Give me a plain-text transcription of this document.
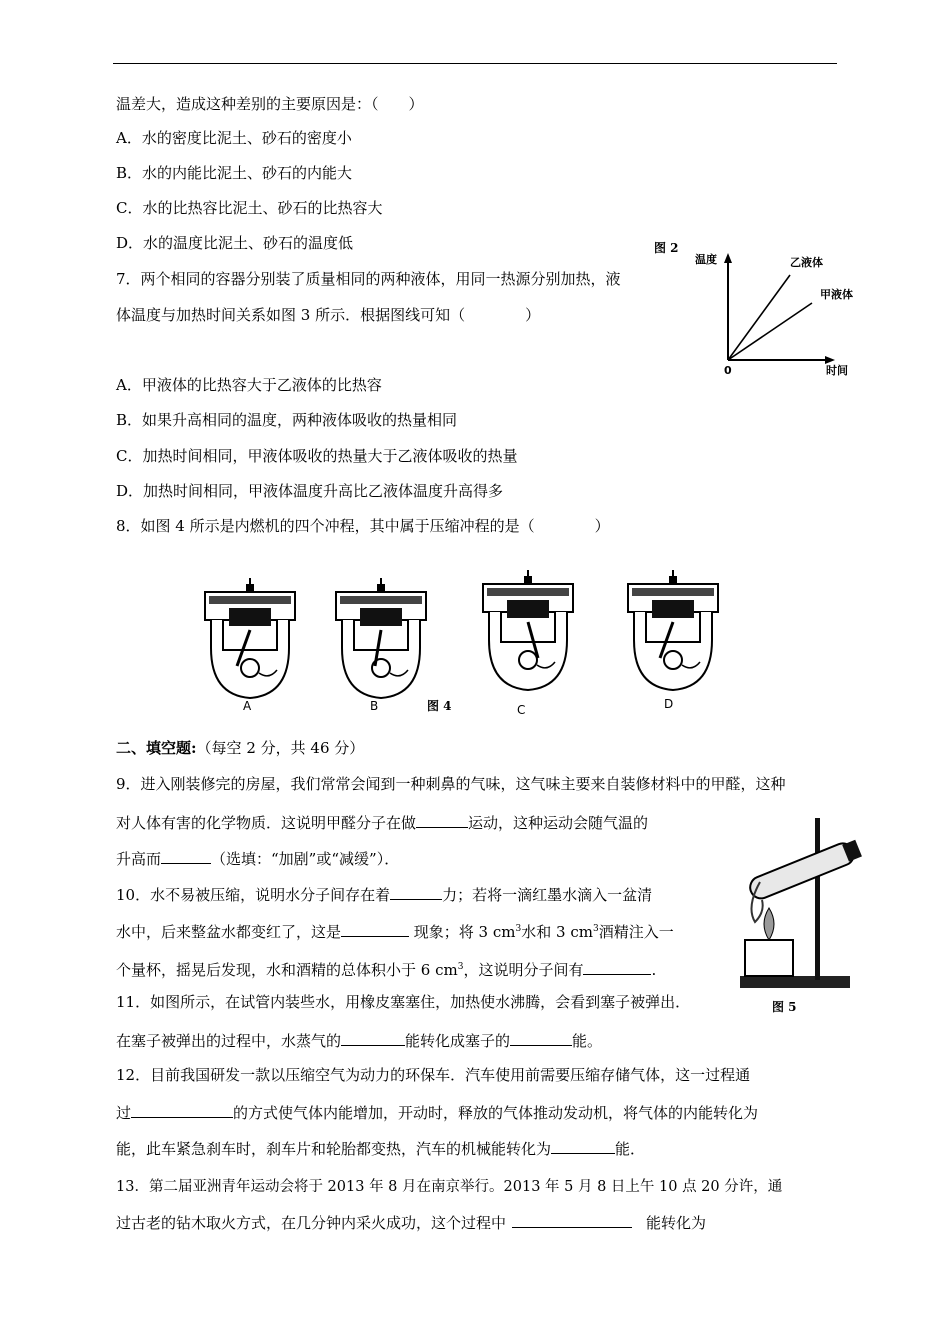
温差大，造成这种差别的主要原因是：（　　）
A．水的密度比泥土、砂石的密度小
B．水的内能比泥土、砂石的内能大
C．水的比热容比泥土、砂石的比热容大
D．水的温度比泥土、砂石的温度低	图 2
温度	乙液体
甲液体
0	时间
7．两个相同的容器分别装了质量相同的两种液体，用同一热源分别加热，液
体温度与加热时间关系如图 3 所示．根据图线可知（　　　　）
A．甲液体的比热容大于乙液体的比热容
B．如果升高相同的温度，两种液体吸收的热量相同
C．加热时间相同，甲液体吸收的热量大于乙液体吸收的热量
D．加热时间相同，甲液体温度升高比乙液体温度升高得多
8．如图 4 所示是内燃机的四个冲程，其中属于压缩冲程的是（　　　　）
A	B	C	D
图 4
二、填空题:（每空 2 分，共 46 分）
9．进入刚装修完的房屋，我们常常会闻到一种刺鼻的气味，这气味主要来自装修材料中的甲醛，这种
对人体有害的化学物质．这说明甲醛分子在做	运动，这种运动会随气温的
升高而	（选填：“加剧”或“减缓”）．
10．水不易被压缩，说明水分子间存在着	力；若将一滴红墨水滴入一盆清
水中，后来整盆水都变红了，这是	现象；将 3 $cm^3$水和 3 $cm^3$酒精注入一
个量杯，摇晃后发现，水和酒精的总体积小于 6 $cm^3$，这说明分子间有	.
图 5
11．如图所示，在试管内装些水，用橡皮塞塞住，加热使水沸腾，会看到塞子被弹出．
在塞子被弹出的过程中，水蒸气的	能转化成塞子的	能。
12．目前我国研发一款以压缩空气为动力的环保车．汽车使用前需要压缩存储气体，这一过程通
过	的方式使气体内能增加，开动时，释放的气体推动发动机，将气体的内能转化为
能，此车紧急刹车时，刹车片和轮胎都变热，汽车的机械能转化为	能．
13．第二届亚洲青年运动会将于 2013 年 8 月在南京举行。2013 年 5 月 8 日上午 10 点 20 分许，通
过古老的钻木取火方式，在几分钟内采火成功，这个过程中	能转化为
